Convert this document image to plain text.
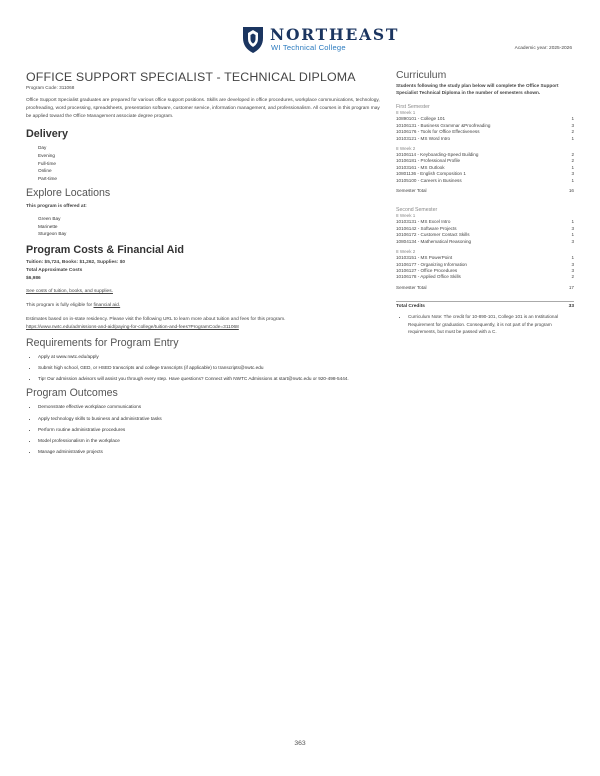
NORTHEAST
WI Technical College	Academic year: 2025-2026
OFFICE SUPPORT SPECIALIST - TECHNICAL DIPLOMA
Program Code: 311068

Office Support Specialist graduates are prepared for various office support positions. Skills are developed in office procedures, workplace communications, technology, proofreading, word processing, spreadsheets, presentation software, customer service, information management, and professionalism. All courses in this program may be applied toward the Office Management associate degree program.

Delivery
Day
Evening
Full-time
Online
Part-time
Explore Locations

This program is offered at:

Green Bay
Marinette
Sturgeon Bay
Program Costs & Financial Aid

Tuition: $5,724, Books: $1,262, Supplies: $0

Total Approximate Costs

$6,986

See costs of tuition, books, and supplies.

This program is fully eligible for financial aid.

Estimates based on in-state residency. Please visit the following URL to learn more about tuition and fees for this program.

https://www.nwtc.edu/admissions-and-aid/paying-for-college/tuition-and-fees?ProgramCode=311068

Requirements for Program Entry
• Apply at www.nwtc.edu/apply
• Submit high school, GED, or HSED transcripts and college transcripts (if applicable) to transcripts@nwtc.edu
• Tip! Our admission advisors will assist you through every step. Have questions? Connect with NWTC Admissions at start@nwtc.edu or 920-498-5444.
Program Outcomes
• Demonstrate effective workplace communications
• Apply technology skills to business and administrative tasks
• Perform routine administrative procedures
• Model professionalism in the workplace
• Manage administrative projects
Curriculum
Students following the study plan below will complete the Office Support Specialist Technical Diploma in the number of semesters shown.
First Semester
8 Week 1
10890101 - College 101	1
10106131 - Business Grammar &Proofreading	3
10106176 - Tools for Office Effectiveness	2
10103121 - MS Word Intro	1
8 Week 2
10106114 - Keyboarding-Speed Building	2
10106181 - Professional Profile	2
10103161 - MS Outlook	1
10801136 - English Composition 1	3
10105100 - Careers in Business	1
Semester Total	16
Second Semester
8 Week 1
10103131 - MS Excel Intro	1
10106142 - Software Projects	3
10106172 - Customer Contact Skills	1
10804134 - Mathematical Reasoning	3
8 Week 2
10103151 - MS PowerPoint	1
10106177 - Organizing Information	3
10106127 - Office Procedures	3
10106178 - Applied Office Skills	2
Semester Total	17
Total Credits	33
• Curriculum Note: The credit for 10-890-101, College 101 is an Institutional Requirement for graduation. Consequently, it is not part of the program requirements, but must be passed with a C.
363
